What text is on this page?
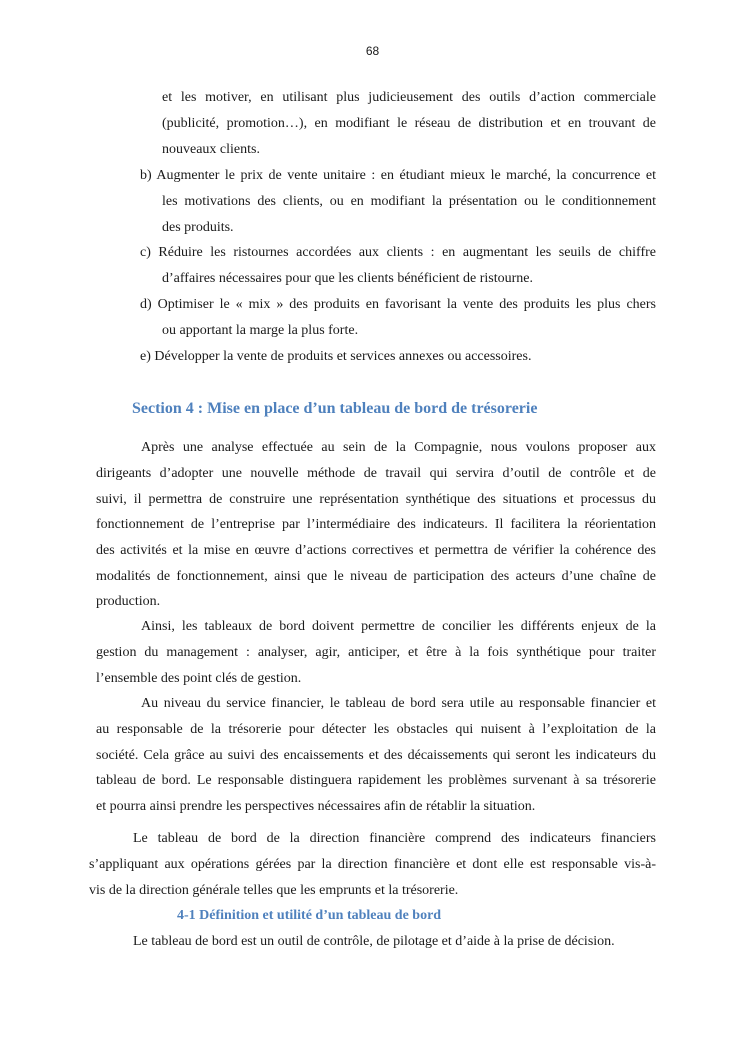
68
et les motiver, en utilisant plus judicieusement des outils d’action commerciale
(publicité, promotion…), en modifiant le réseau de distribution et en trouvant de
nouveaux clients.
b) Augmenter le prix de vente unitaire : en étudiant mieux le marché, la concurrence et
les motivations des clients, ou en modifiant la présentation ou le conditionnement
des produits.
c) Réduire les ristournes accordées aux clients : en augmentant les seuils de chiffre
d’affaires nécessaires pour que les clients bénéficient de ristourne.
d) Optimiser le « mix » des produits en favorisant la vente des produits les plus chers
ou apportant la marge la plus forte.
e) Développer la vente de produits et services annexes ou accessoires.
Section 4 : Mise en place d’un tableau de bord de trésorerie
Après une analyse effectuée au sein de la Compagnie, nous voulons proposer aux
dirigeants d’adopter une nouvelle méthode de travail qui servira d’outil de contrôle et de
suivi, il permettra de construire une représentation synthétique des situations et processus du
fonctionnement de l’entreprise par l’intermédiaire des indicateurs. Il facilitera la réorientation
des activités et la mise en œuvre d’actions correctives et permettra de vérifier la cohérence des
modalités de fonctionnement, ainsi que le niveau de participation des acteurs d’une chaîne de
production.
Ainsi, les tableaux de bord doivent permettre de concilier les différents enjeux de la
gestion du management : analyser, agir, anticiper, et être à la fois synthétique pour traiter
l’ensemble des point clés de gestion.
Au niveau du service financier, le tableau de bord sera utile au responsable financier et
au responsable de la trésorerie pour détecter les obstacles qui nuisent à l’exploitation de la
société. Cela grâce au suivi des encaissements et des décaissements qui seront les indicateurs du
tableau de bord. Le responsable distinguera rapidement les problèmes survenant à sa trésorerie
et pourra ainsi prendre les perspectives nécessaires afin de rétablir la situation.
Le tableau de bord de la direction financière comprend des indicateurs financiers
s’appliquant aux opérations gérées par la direction financière et dont elle est responsable vis-à-
vis de la direction générale telles que les emprunts et la trésorerie.
4-1 Définition et utilité d’un tableau de bord
Le tableau de bord est un outil de contrôle, de pilotage et d’aide à la prise de décision.
